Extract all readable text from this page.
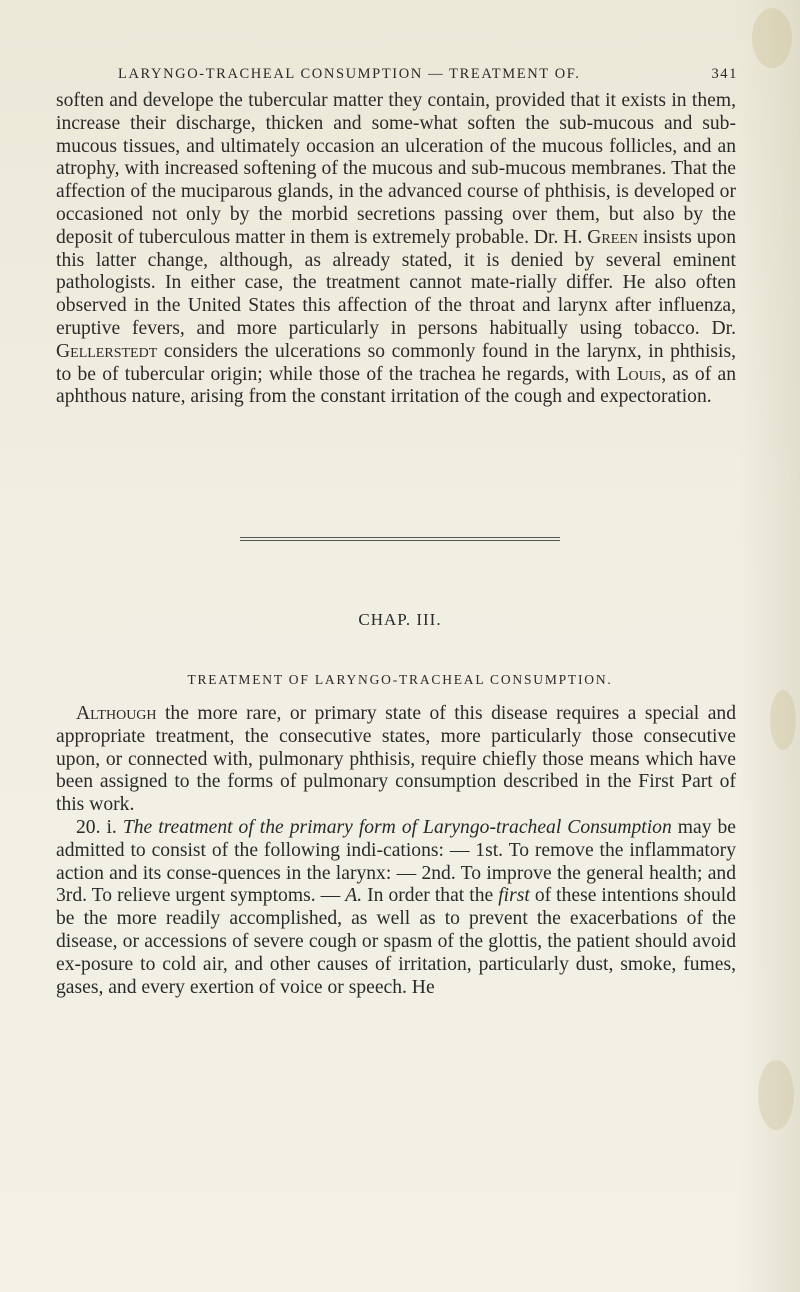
LARYNGO-TRACHEAL CONSUMPTION — TREATMENT OF.	341

soften and develope the tubercular matter they contain, provided that it exists in them, increase their discharge, thicken and some-what soften the sub-mucous and sub-mucous tissues, and ultimately occasion an ulceration of the mucous follicles, and an atrophy, with increased softening of the mucous and sub-mucous membranes. That the affection of the muciparous glands, in the advanced course of phthisis, is developed or occasioned not only by the morbid secretions passing over them, but also by the deposit of tuberculous matter in them is extremely probable. Dr. H. Green insists upon this latter change, although, as already stated, it is denied by several eminent pathologists. In either case, the treatment cannot mate-rially differ. He also often observed in the United States this affection of the throat and larynx after influenza, eruptive fevers, and more particularly in persons habitually using tobacco. Dr. Gellerstedt considers the ulcerations so commonly found in the larynx, in phthisis, to be of tubercular origin; while those of the trachea he regards, with Louis, as of an aphthous nature, arising from the constant irritation of the cough and expectoration.

CHAP. III.
TREATMENT OF LARYNGO-TRACHEAL CONSUMPTION.

Although the more rare, or primary state of this disease requires a special and appropriate treatment, the consecutive states, more particularly those consecutive upon, or connected with, pulmonary phthisis, require chiefly those means which have been assigned to the forms of pulmonary consumption described in the First Part of this work.

20. i. The treatment of the primary form of Laryngo-tracheal Consumption may be admitted to consist of the following indi-cations: — 1st. To remove the inflammatory action and its conse-quences in the larynx: — 2nd. To improve the general health; and 3rd. To relieve urgent symptoms. — A. In order that the first of these intentions should be the more readily accomplished, as well as to prevent the exacerbations of the disease, or accessions of severe cough or spasm of the glottis, the patient should avoid ex-posure to cold air, and other causes of irritation, particularly dust, smoke, fumes, gases, and every exertion of voice or speech. He
